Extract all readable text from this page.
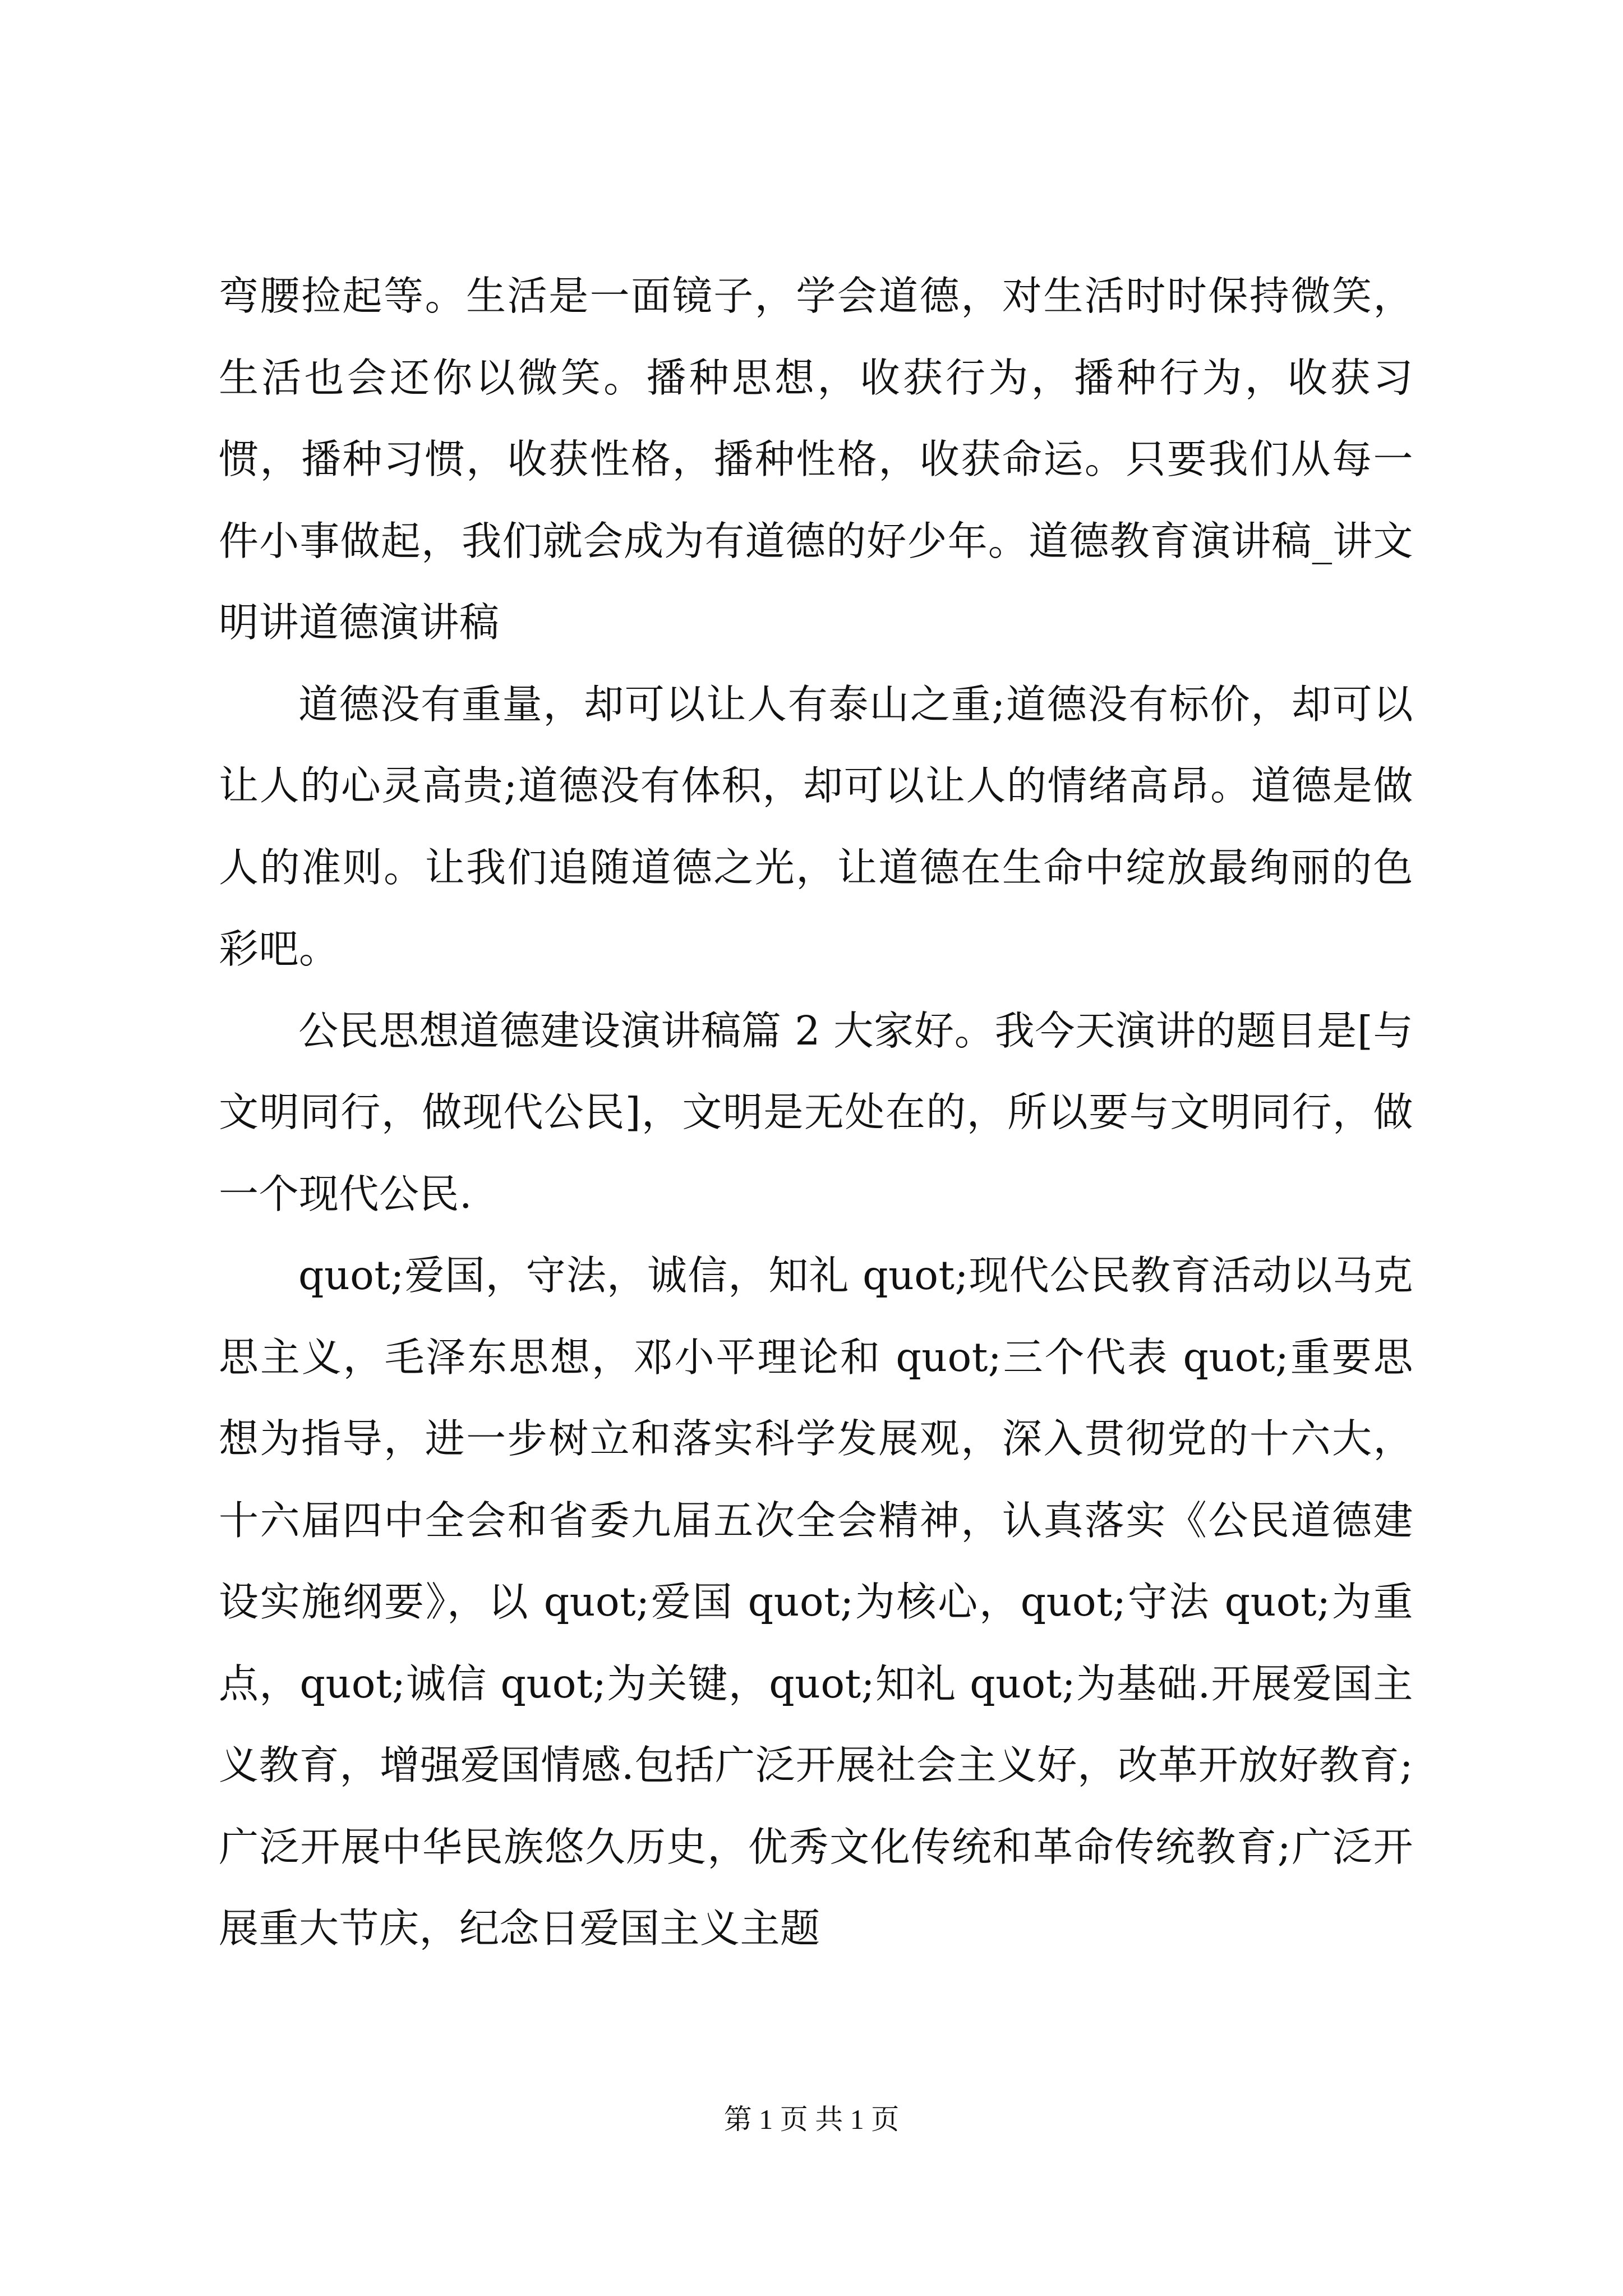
弯腰捡起等。生活是一面镜子，学会道德，对生活时时保持微笑，生活也会还你以微笑。播种思想，收获行为，播种行为，收获习惯，播种习惯，收获性格，播种性格，收获命运。只要我们从每一件小事做起，我们就会成为有道德的好少年。道德教育演讲稿_讲文明讲道德演讲稿

道德没有重量，却可以让人有泰山之重;道德没有标价，却可以让人的心灵高贵;道德没有体积，却可以让人的情绪高昂。道德是做人的准则。让我们追随道德之光，让道德在生命中绽放最绚丽的色彩吧。

公民思想道德建设演讲稿篇 2 大家好。我今天演讲的题目是[与文明同行，做现代公民]，文明是无处在的，所以要与文明同行，做一个现代公民.

quot;爱国，守法，诚信，知礼 quot;现代公民教育活动以马克思主义，毛泽东思想，邓小平理论和 quot;三个代表 quot;重要思想为指导，进一步树立和落实科学发展观，深入贯彻党的十六大，十六届四中全会和省委九届五次全会精神，认真落实《公民道德建设实施纲要》，以 quot;爱国 quot;为核心，quot;守法 quot;为重点，quot;诚信 quot;为关键，quot;知礼 quot;为基础.开展爱国主义教育，增强爱国情感.包括广泛开展社会主义好，改革开放好教育;广泛开展中华民族悠久历史，优秀文化传统和革命传统教育;广泛开展重大节庆，纪念日爱国主义主题

第 1 页 共 1 页
